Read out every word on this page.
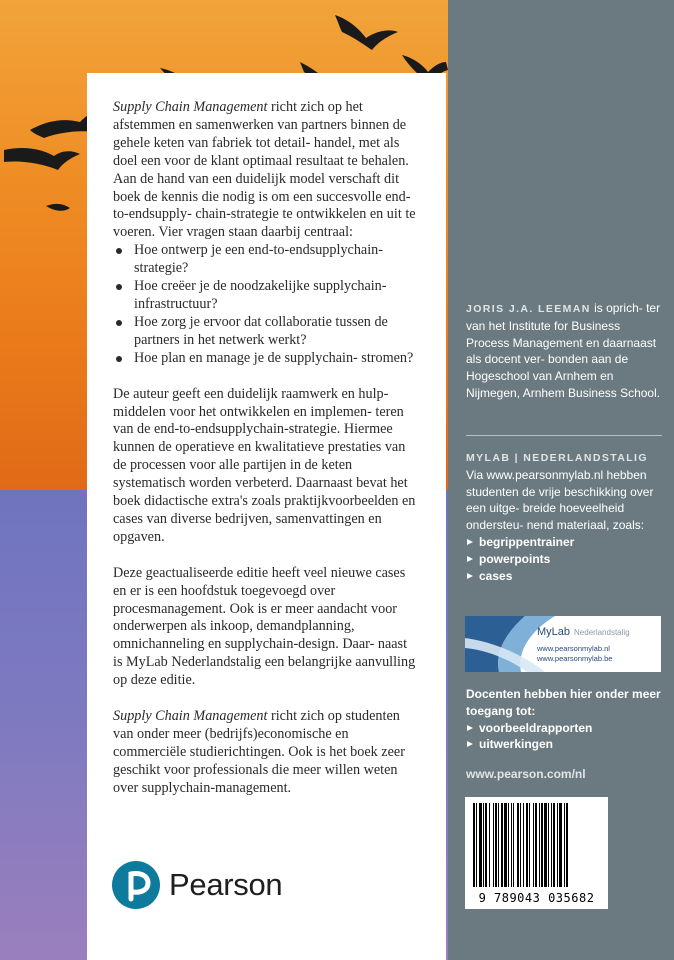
JORIS J.A. LEEMAN is oprich- ter van het Institute for Business Process Management en daarnaast als docent ver- bonden aan de Hogeschool van Arnhem en Nijmegen, Arnhem Business School.
MYLAB | NEDERLANDSTALIG
Via www.pearsonmylab.nl hebben studenten de vrije beschikking over een uitge- breide hoeveelheid ondersteu- nend materiaal, zoals:
begrippentrainer
powerpoints
cases
MyLab Nederlandstalig
www.pearsonmylab.nl
www.pearsonmylab.be
Docenten hebben hier onder meer toegang tot:
voorbeeldrapporten
uitwerkingen
www.pearson.com/nl
9 789043 035682

Supply Chain Management richt zich op het afstemmen en samenwerken van partners binnen de gehele keten van fabriek tot detail- handel, met als doel een voor de klant optimaal resultaat te behalen. Aan de hand van een duidelijk model verschaft dit boek de kennis die nodig is om een succesvolle end-to-endsupply- chain-strategie te ontwikkelen en uit te voeren. Vier vragen staan daarbij centraal:

Hoe ontwerp je een end-to-endsupplychain- strategie?
Hoe creëer je de noodzakelijke supplychain- infrastructuur?
Hoe zorg je ervoor dat collaboratie tussen de partners in het netwerk werkt?
Hoe plan en manage je de supplychain- stromen?

De auteur geeft een duidelijk raamwerk en hulp- middelen voor het ontwikkelen en implemen- teren van de end-to-endsupplychain-strategie. Hiermee kunnen de operatieve en kwalitatieve prestaties van de processen voor alle partijen in de keten systematisch worden verbeterd. Daarnaast bevat het boek didactische extra's zoals praktijkvoorbeelden en cases van diverse bedrijven, samenvattingen en opgaven.

Deze geactualiseerde editie heeft veel nieuwe cases en er is een hoofdstuk toegevoegd over procesmanagement. Ook is er meer aandacht voor onderwerpen als inkoop, demandplanning, omnichanneling en supplychain-design. Daar- naast is MyLab Nederlandstalig een belangrijke aanvulling op deze editie.

Supply Chain Management richt zich op studenten van onder meer (bedrijfs)economische en commerciële studierichtingen. Ook is het boek zeer geschikt voor professionals die meer willen weten over supplychain-management.

Pearson
